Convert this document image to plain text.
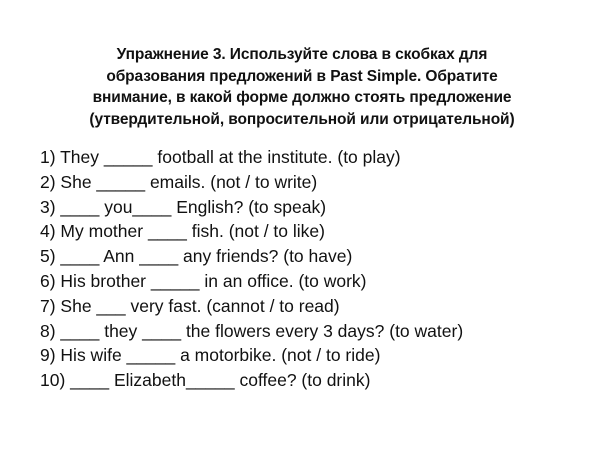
Упражнение 3. Используйте слова в скобках для
образования предложений в Past Simple. Обратите
внимание, в какой форме должно стоять предложение
(утвердительной, вопросительной или отрицательной)
1) They _____ football at the institute. (to play)
2) She _____ emails. (not / to write)
3) ____ you____ English? (to speak)
4) My mother ____ fish. (not / to like)
5) ____ Ann ____ any friends? (to have)
6) His brother _____ in an office. (to work)
7) She ___ very fast. (cannot / to read)
8) ____ they ____ the flowers every 3 days? (to water)
9) His wife _____ a motorbike. (not / to ride)
10) ____ Elizabeth_____ coffee? (to drink)
